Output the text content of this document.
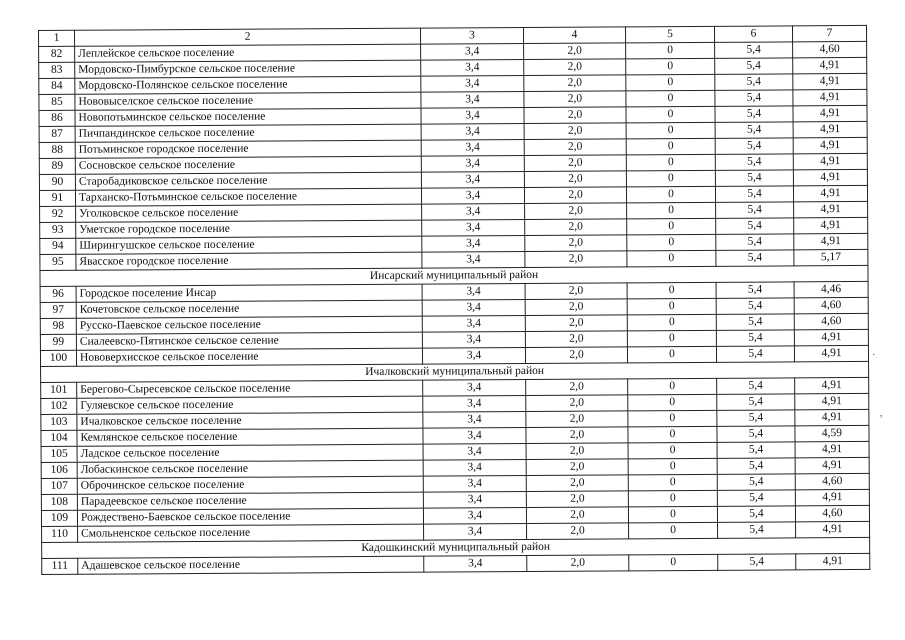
1	2	3	4	5	6	7
82	Леплейское сельское поселение	3,4	2,0	0	5,4	4,60
83	Мордовско-Пимбурское сельское поселение	3,4	2,0	0	5,4	4,91
84	Мордовско-Полянское сельское поселение	3,4	2,0	0	5,4	4,91
85	Нововыселское сельское поселение	3,4	2,0	0	5,4	4,91
86	Новопотьминское сельское поселение	3,4	2,0	0	5,4	4,91
87	Пичпандинское сельское поселение	3,4	2,0	0	5,4	4,91
88	Потьминское городское поселение	3,4	2,0	0	5,4	4,91
89	Сосновское сельское поселение	3,4	2,0	0	5,4	4,91
90	Старобадиковское сельское поселение	3,4	2,0	0	5,4	4,91
91	Тарханско-Потьминское сельское поселение	3,4	2,0	0	5,4	4,91
92	Уголковское сельское поселение	3,4	2,0	0	5,4	4,91
93	Уметское городское поселение	3,4	2,0	0	5,4	4,91
94	Ширингушское сельское поселение	3,4	2,0	0	5,4	4,91
95	Явасское городское поселение	3,4	2,0	0	5,4	5,17
Инсарский муниципальный район						
96	Городское поселение Инсар	3,4	2,0	0	5,4	4,46
97	Кочетовское сельское поселение	3,4	2,0	0	5,4	4,60
98	Русско-Паевское сельское поселение	3,4	2,0	0	5,4	4,60
99	Сиалеевско-Пятинское сельское селение	3,4	2,0	0	5,4	4,91
100	Нововерхисское сельское поселение	3,4	2,0	0	5,4	4,91
Ичалковский муниципальный район						
101	Берегово-Сыресевское сельское поселение	3,4	2,0	0	5,4	4,91
102	Гуляевское сельское поселение	3,4	2,0	0	5,4	4,91
103	Ичалковское сельское поселение	3,4	2,0	0	5,4	4,91
104	Кемлянское сельское поселение	3,4	2,0	0	5,4	4,59
105	Ладское сельское поселение	3,4	2,0	0	5,4	4,91
106	Лобаскинское сельское поселение	3,4	2,0	0	5,4	4,91
107	Оброчинское сельское поселение	3,4	2,0	0	5,4	4,60
108	Парадеевское сельское поселение	3,4	2,0	0	5,4	4,91
109	Рождествено-Баевское сельское поселение	3,4	2,0	0	5,4	4,60
110	Смольненское сельское поселение	3,4	2,0	0	5,4	4,91
Кадошкинский муниципальный район						
111	Адашевское сельское поселение	3,4	2,0	0	5,4	4,91
·
,
